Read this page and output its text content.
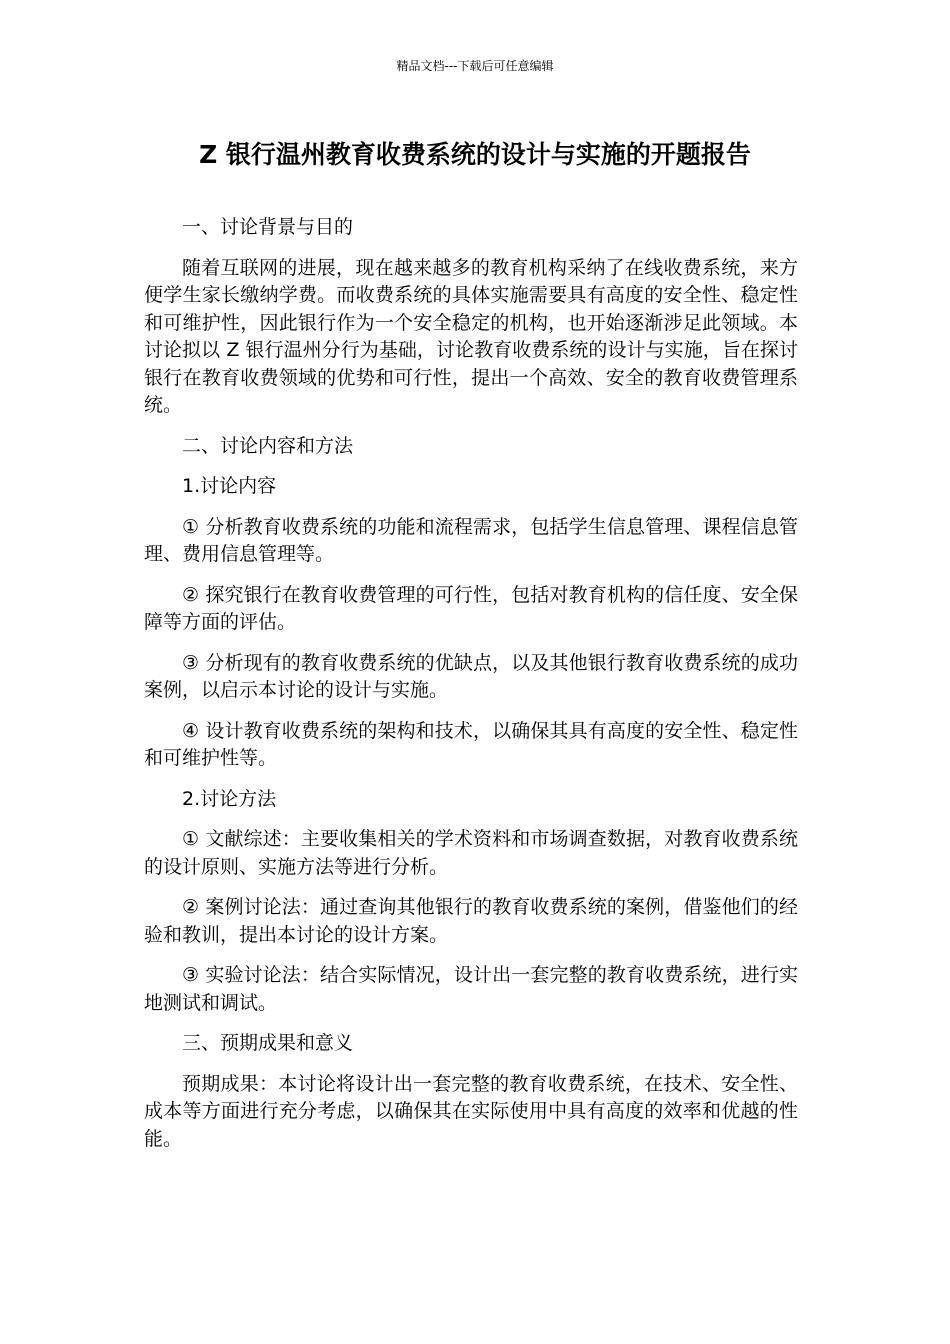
精品文档---下载后可任意编辑
Z 银行温州教育收费系统的设计与实施的开题报告

一、讨论背景与目的

随着互联网的进展，现在越来越多的教育机构采纳了在线收费系统，来方便学生家长缴纳学费。而收费系统的具体实施需要具有高度的安全性、稳定性和可维护性，因此银行作为一个安全稳定的机构，也开始逐渐涉足此领域。本讨论拟以 Z 银行温州分行为基础，讨论教育收费系统的设计与实施，旨在探讨银行在教育收费领域的优势和可行性，提出一个高效、安全的教育收费管理系统。

二、讨论内容和方法

1.讨论内容

① 分析教育收费系统的功能和流程需求，包括学生信息管理、课程信息管理、费用信息管理等。

② 探究银行在教育收费管理的可行性，包括对教育机构的信任度、安全保障等方面的评估。

③ 分析现有的教育收费系统的优缺点，以及其他银行教育收费系统的成功案例，以启示本讨论的设计与实施。

④ 设计教育收费系统的架构和技术，以确保其具有高度的安全性、稳定性和可维护性等。

2.讨论方法

① 文献综述：主要收集相关的学术资料和市场调查数据，对教育收费系统的设计原则、实施方法等进行分析。

② 案例讨论法：通过查询其他银行的教育收费系统的案例，借鉴他们的经验和教训，提出本讨论的设计方案。

③ 实验讨论法：结合实际情况，设计出一套完整的教育收费系统，进行实地测试和调试。

三、预期成果和意义

预期成果：本讨论将设计出一套完整的教育收费系统，在技术、安全性、成本等方面进行充分考虑，以确保其在实际使用中具有高度的效率和优越的性能。
